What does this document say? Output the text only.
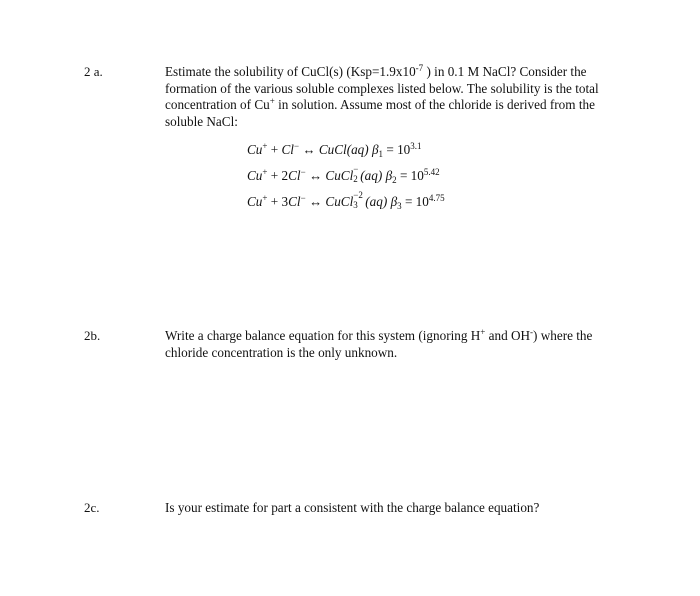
2 a.	Estimate the solubility of CuCl(s) ($Ksp=1.9x10^{-7}$ ) in 0.1 M NaCl? Consider the formation of the various soluble complexes listed below. The solubility is the total concentration of Cu+ in solution. Assume most of the chloride is derived from the soluble NaCl:
Cu+ + Cl− ↔ CuCl(aq) $\beta_1 = 10^{3.1}$
Cu+ + 2Cl− ↔ CuCl −
2 (aq) $\beta_2 = 10^{5.42}$
Cu+ + 3Cl− ↔ CuCl −2
3 (aq) $\beta_3 = 10^{4.75}$
2b.	Write a charge balance equation for this system (ignoring H+ and OH-) where the chloride concentration is the only unknown.
2c.	Is your estimate for part a consistent with the charge balance equation?
